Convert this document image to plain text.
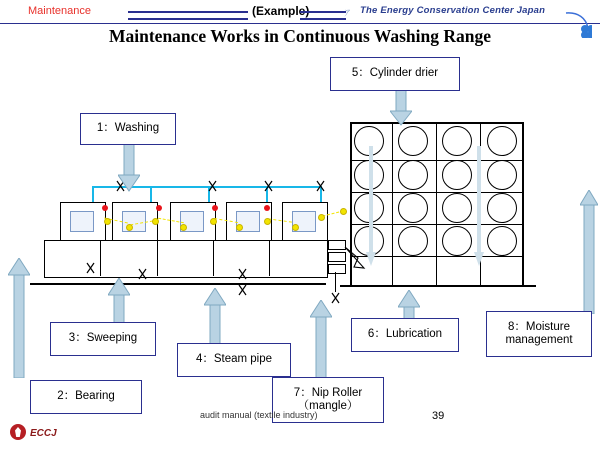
Maintenance	(Example)	ｱ The Energy Conservation Center Japan
Maintenance Works in Continuous Washing Range
1：Washing
5：Cylinder drier
3：Sweeping
4：Steam pipe
6：Lubrication
2：Bearing
8：Moisture
management
7：Nip Roller
（mangle）
audit manual (textile industry)	39
ECCJ
